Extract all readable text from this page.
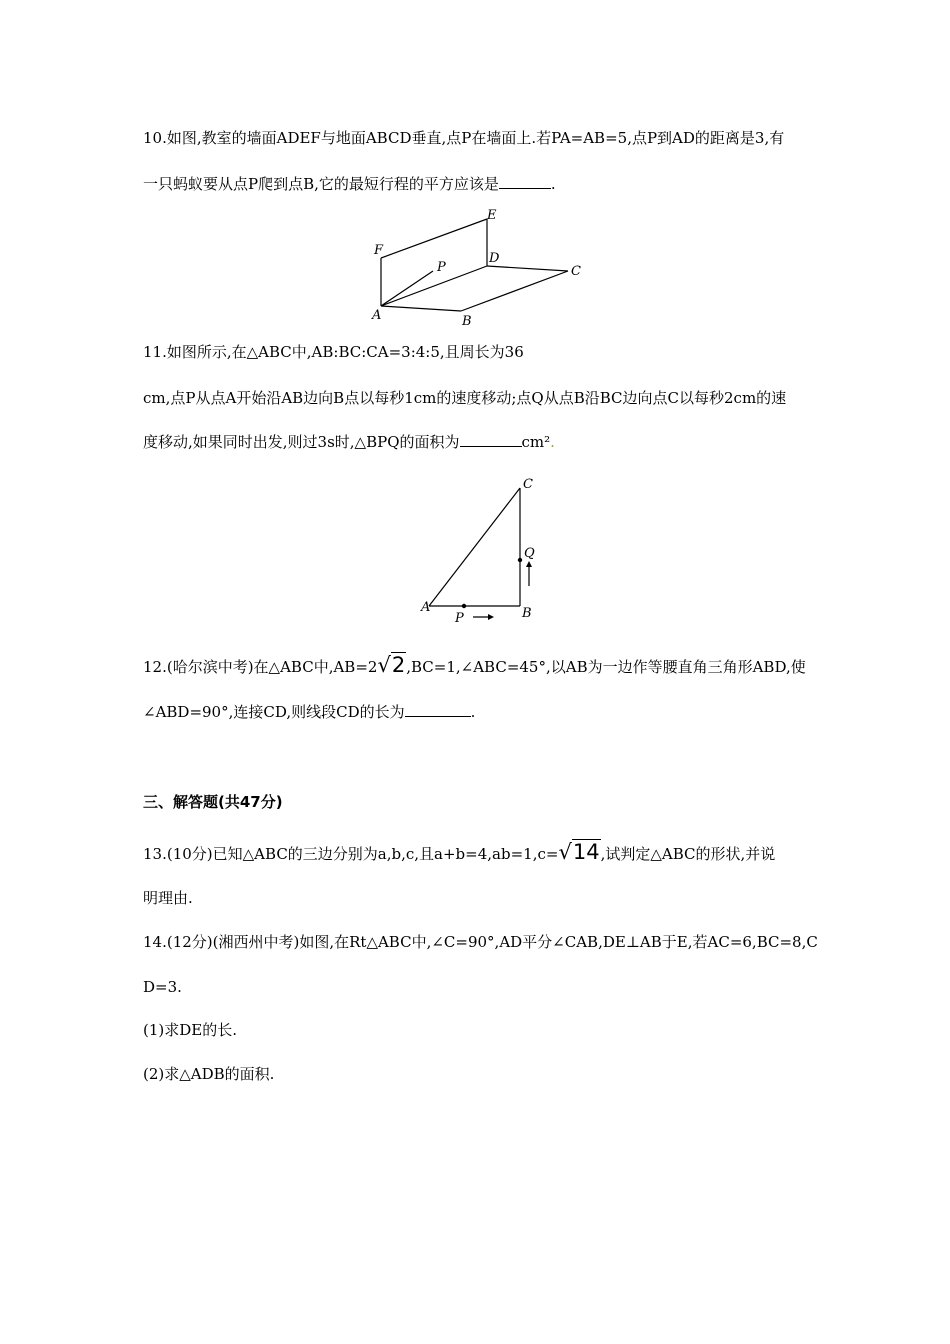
10.如图,教室的墙面ADEF与地面ABCD垂直,点P在墙面上.若PA=AB=5,点P到AD的距离是3,有
一只蚂蚁要从点P爬到点B,它的最短行程的平方应该是	.
E
F
D
C
P
A	B
11.如图所示,在△ABC中,AB:BC:CA=3:4:5,且周长为36
cm,点P从点A开始沿AB边向B点以每秒1cm的速度移动;点Q从点B沿BC边向点C以每秒2cm的速
度移动,如果同时出发,则过3s时,△BPQ的面积为	cm².
C
Q
A
P	B
12.(哈尔滨中考)在△ABC中,AB=2√2,BC=1,∠ABC=45°,以AB为一边作等腰直角三角形ABD,使
∠ABD=90°,连接CD,则线段CD的长为	.
三、解答题(共47分)
13.(10分)已知△ABC的三边分别为a,b,c,且a+b=4,ab=1,c=√14,试判定△ABC的形状,并说
明理由.
14.(12分)(湘西州中考)如图,在Rt△ABC中,∠C=90°,AD平分∠CAB,DE⊥AB于E,若AC=6,BC=8,C
D=3.
(1)求DE的长.
(2)求△ADB的面积.
